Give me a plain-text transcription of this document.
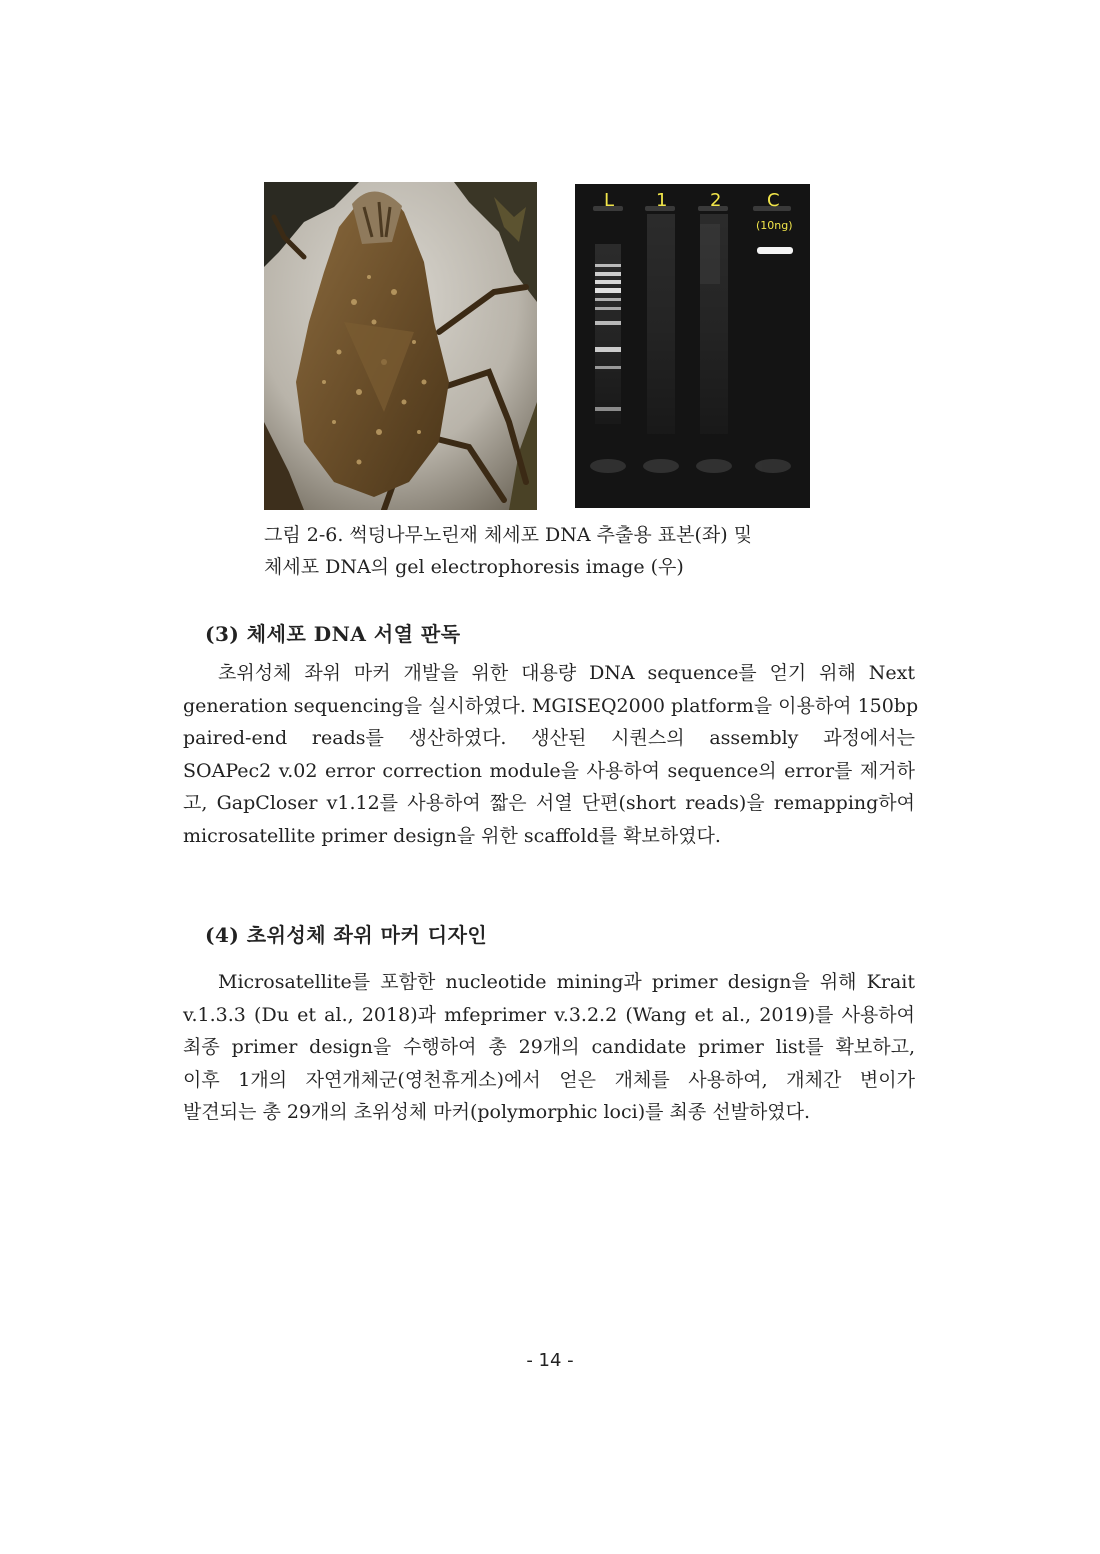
L 1 2	C
(10ng)
그림 2-6. 썩덩나무노린재 체세포 DNA 추출용 표본(좌) 및
체세포 DNA의 gel electrophoresis image (우)
(3) 체세포 DNA 서열 판독
초위성체 좌위 마커 개발을 위한 대용량 DNA sequence를 얻기 위해 Next
generation sequencing을 실시하였다. MGISEQ2000 platform을 이용하여 150bp
paired-end reads를 생산하였다. 생산된 시퀀스의 assembly 과정에서는
SOAPec2 v.02 error correction module을 사용하여 sequence의 error를 제거하
고, GapCloser v1.12를 사용하여 짧은 서열 단편(short reads)을 remapping하여
microsatellite primer design을 위한 scaffold를 확보하였다.
(4) 초위성체 좌위 마커 디자인
Microsatellite를 포함한 nucleotide mining과 primer design을 위해 Krait
v.1.3.3 (Du et al., 2018)과 mfeprimer v.3.2.2 (Wang et al., 2019)를 사용하여
최종 primer design을 수행하여 총 29개의 candidate primer list를 확보하고,
이후 1개의 자연개체군(영천휴게소)에서 얻은 개체를 사용하여, 개체간 변이가
발견되는 총 29개의 초위성체 마커(polymorphic loci)를 최종 선발하였다.
- 14 -
